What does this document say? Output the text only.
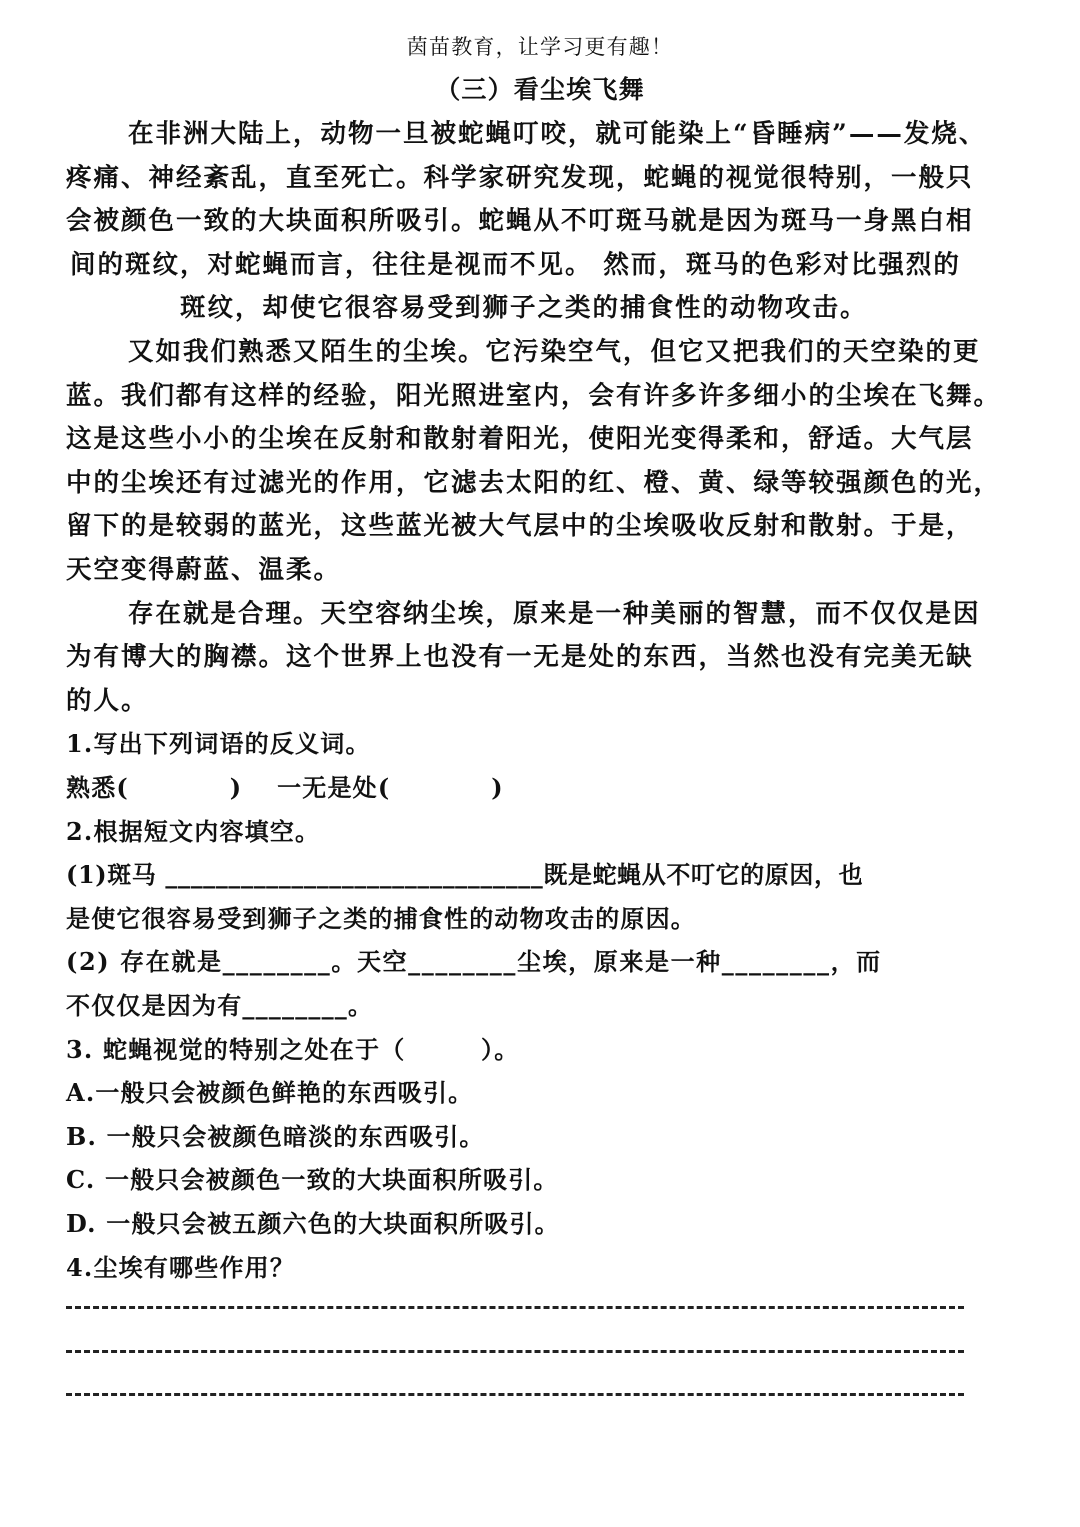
茵苗教育，让学习更有趣！
（三）看尘埃飞舞
在非洲大陆上，动物一旦被蛇蝇叮咬，就可能染上“昏睡病”——发烧、
疼痛、神经紊乱，直至死亡。科学家研究发现，蛇蝇的视觉很特别，一般只
会被颜色一致的大块面积所吸引。蛇蝇从不叮斑马就是因为斑马一身黑白相
间的斑纹，对蛇蝇而言，往往是视而不见。 然而，斑马的色彩对比强烈的
斑纹，却使它很容易受到狮子之类的捕食性的动物攻击。
又如我们熟悉又陌生的尘埃。它污染空气，但它又把我们的天空染的更
蓝。我们都有这样的经验，阳光照进室内，会有许多许多细小的尘埃在飞舞。
这是这些小小的尘埃在反射和散射着阳光，使阳光变得柔和，舒适。大气层
中的尘埃还有过滤光的作用，它滤去太阳的红、橙、黄、绿等较强颜色的光，
留下的是较弱的蓝光，这些蓝光被大气层中的尘埃吸收反射和散射。于是，
天空变得蔚蓝、温柔。
存在就是合理。天空容纳尘埃，原来是一种美丽的智慧，而不仅仅是因
为有博大的胸襟。这个世界上也没有一无是处的东西，当然也没有完美无缺
的人。
1.写出下列词语的反义词。
熟悉(　　　　)　 一无是处(　　　　)
2.根据短文内容填空。
(1)斑马 ______________________________既是蛇蝇从不叮它的原因，也
是使它很容易受到狮子之类的捕食性的动物攻击的原因。
(2) 存在就是________。天空________尘埃，原来是一种________，而
不仅仅是因为有________。
3. 蛇蝇视觉的特别之处在于（　　　）。
A.一般只会被颜色鲜艳的东西吸引。
B. 一般只会被颜色暗淡的东西吸引。
C. 一般只会被颜色一致的大块面积所吸引。
D. 一般只会被五颜六色的大块面积所吸引。
4.尘埃有哪些作用？
